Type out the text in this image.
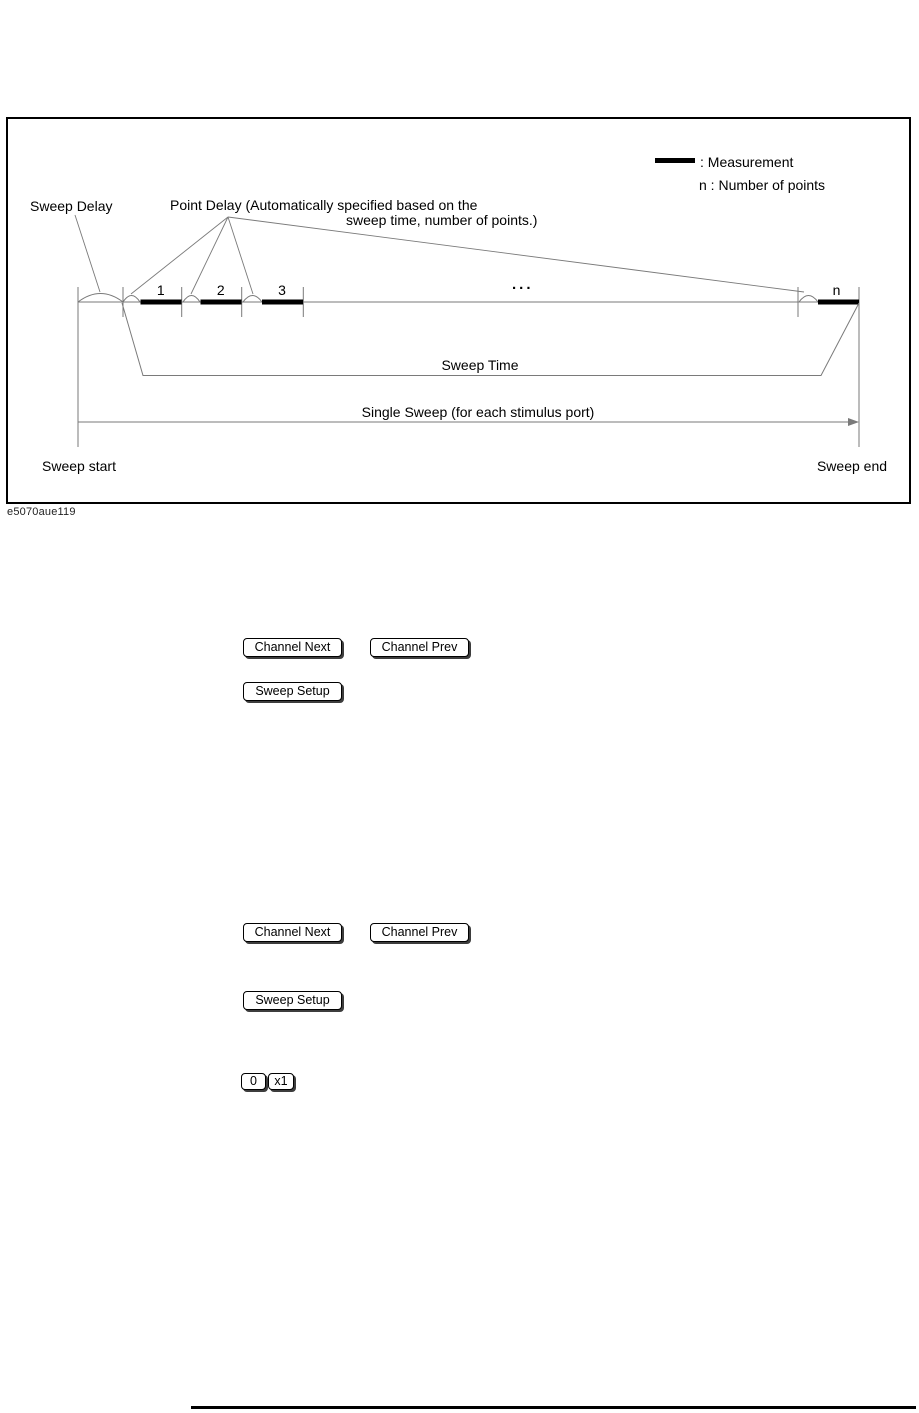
: Measurement
n : Number of points
Sweep Delay	Point Delay (Automatically specified based on the
sweep time, number of points.)
1	2	3	n
...
Sweep Time
Single Sweep (for each stimulus port)
Sweep start	Sweep end
e5070aue119
Channel Next	Channel Prev
Sweep Setup
Channel Next	Channel Prev
Sweep Setup
0	x1
